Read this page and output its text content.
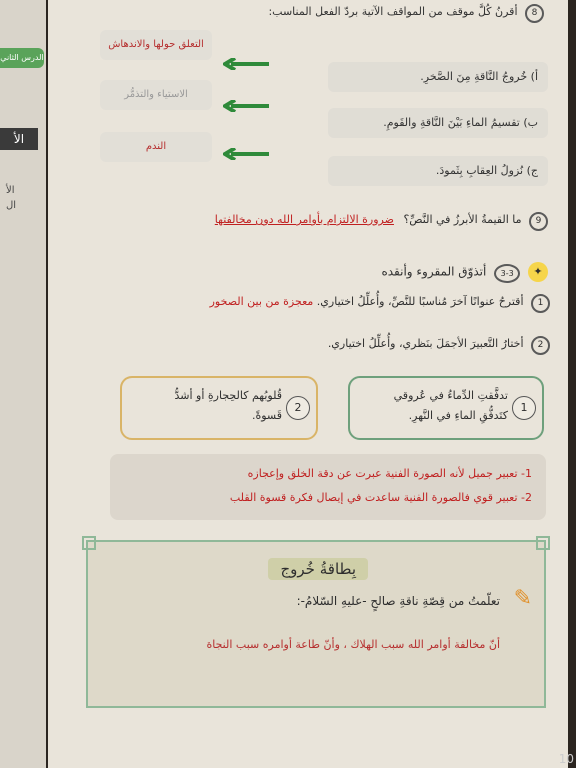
الدرس الثاني
الأ
الأ
ال
8 أقرنُ كُلَّ موقف من المواقف الآتية بردّ الفعل المناسب:
أ) خُروجُ النَّاقةِ مِنَ الصَّخرِ.
التعلق حولها والاندهاش
ب) تقسيمُ الماءِ بَيْنَ النَّاقةِ والقَومِ.
الاستياء والتذمُّر
ج) نُزولُ العِقابِ بِثَمودَ.
الندم
9 ما القيمةُ الأبرزُ في النَّصِّ؟ ضرورة الالتزام بأوامر الله دون مخالفتها
✦ 3-3 أتذوّق المقروء وأنقده
1 أقترحُ عنوانًا آخرَ مُناسبًا للنَّصِّ، وأُعلِّلُ اختياري. معجزة من بين الصخور
2 أختارُ التَّعبيرَ الأجمَلَ بنَظري، وأُعلِّلُ اختياري.
1
تدفَّقتِ الدِّماءُ في عُروقي
كتَدفُّقِ الماءِ في النَّهرِ.
2
قُلوبُهم كالحِجارةِ أو أشدُّ
قَسوةً.
1- تعبير جميل لأنه الصورة الفنية عبرت عن دقة الخلق وإعجازه
2- تعبير قوي فالصورة الفنية ساعدت في إيصال فكرة قسوة القلب
بِطاقةُ خُروج
✎
تعلّمتُ من قِصّةِ ناقةِ صالحٍ -عليهِ السّلامُ-:
أنّ مخالفة أوامر الله سبب الهلاك ، وأنّ طاعة أوامره سبب النجاة
10
